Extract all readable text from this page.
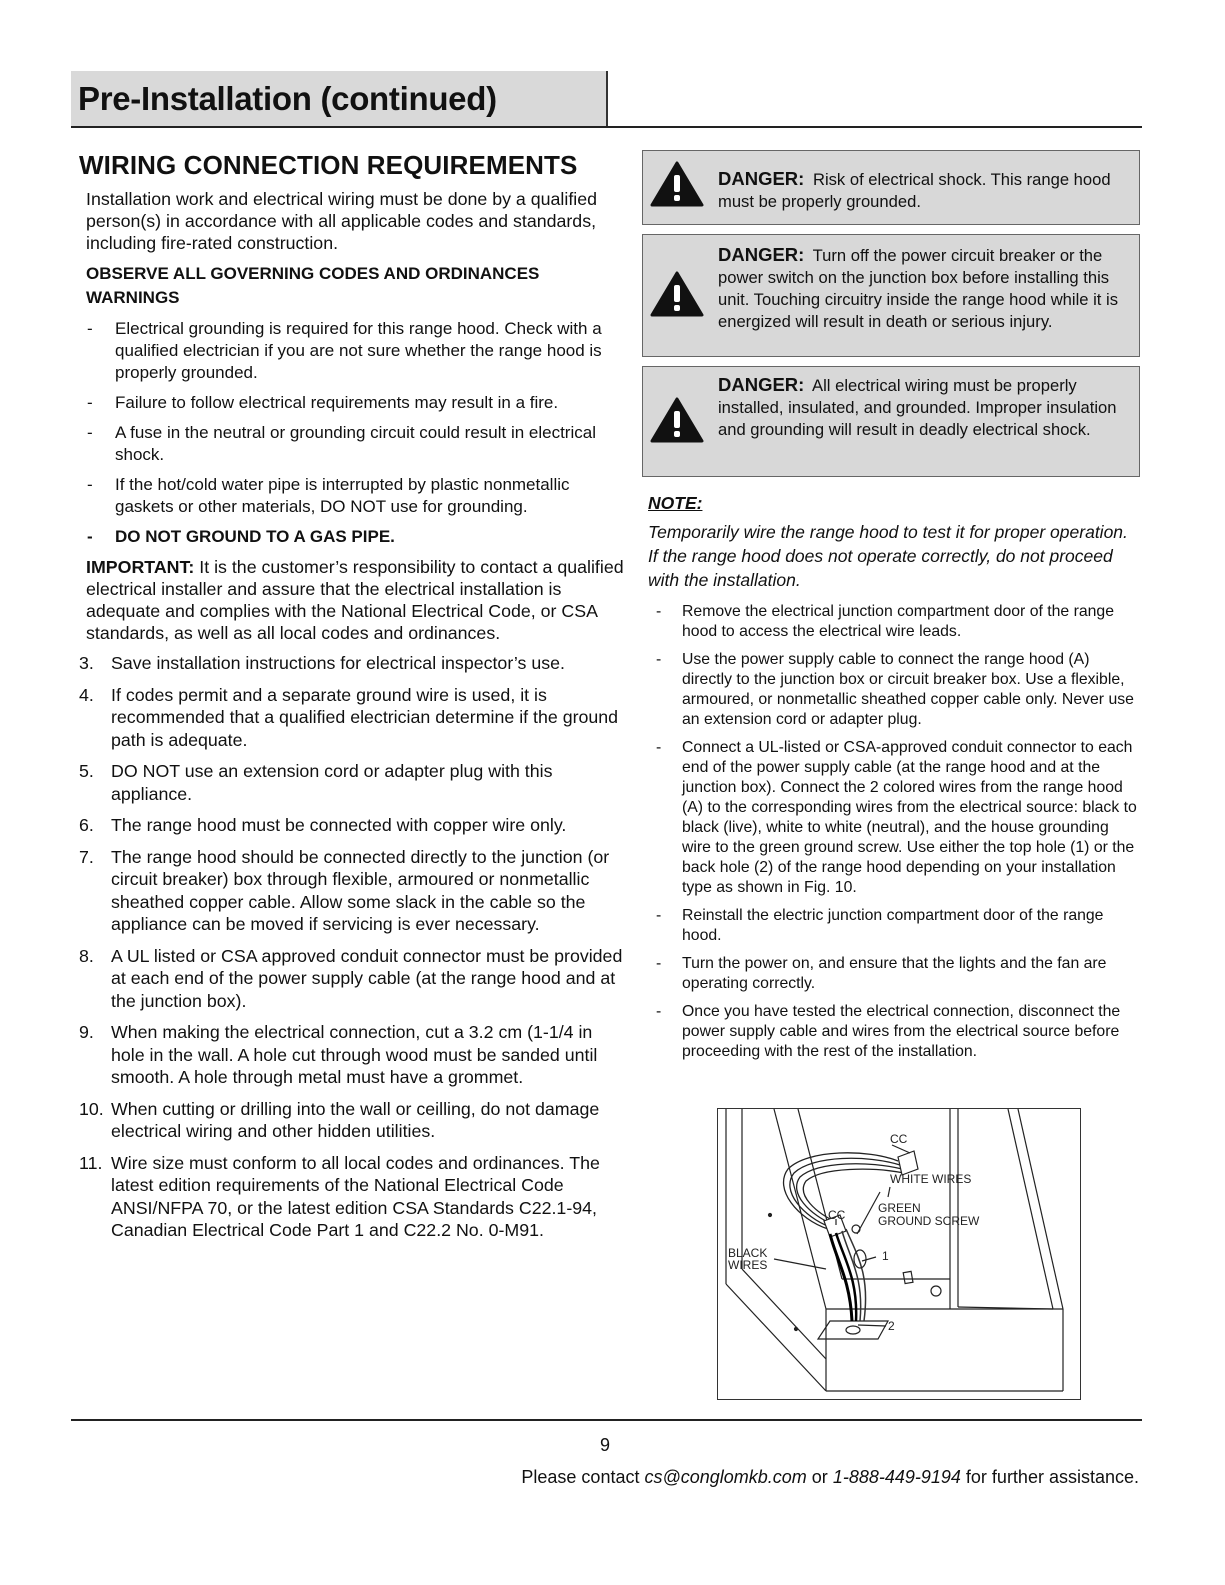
Pre-Installation (continued)
WIRING CONNECTION REQUIREMENTS

Installation work and electrical wiring must be done by a qualified person(s) in accordance with all applicable codes and standards, including fire-rated construction.

OBSERVE ALL GOVERNING CODES AND ORDINANCES WARNINGS

- Electrical grounding is required for this range hood. Check with a qualified electrician if you are not sure whether the range hood is properly grounded.
- Failure to follow electrical requirements may result in a fire.
- A fuse in the neutral or grounding circuit could result in electrical shock.
- If the hot/cold water pipe is interrupted by plastic nonmetallic gaskets or other materials, DO NOT use for grounding.
- DO NOT GROUND TO A GAS PIPE.

IMPORTANT: It is the customer’s responsibility to contact a qualified electrical installer and assure that the electrical installation is adequate and complies with the National Electrical Code, or CSA standards, as well as all local codes and ordinances.

3. Save installation instructions for electrical inspector’s use.
4. If codes permit and a separate ground wire is used, it is recommended that a qualified electrician determine if the ground path is adequate.
5. DO NOT use an extension cord or adapter plug with this appliance.
6. The range hood must be connected with copper wire only.
7. The range hood should be connected directly to the junction (or circuit breaker) box through flexible, armoured or nonmetallic sheathed copper cable. Allow some slack in the cable so the
appliance can be moved if servicing is ever necessary.
8. A UL listed or CSA approved conduit connector must be provided at each end of the power supply cable (at the range hood and at
the junction box).
9. When making the electrical connection, cut a 3.2 cm (1-1/4 in hole in the wall. A hole cut through wood must be sanded until smooth. A hole through metal must have a grommet.
10. When cutting or drilling into the wall or ceilling, do not damage
electrical wiring and other hidden utilities.
11. Wire size must conform to all local codes and ordinances. The latest edition requirements of the National Electrical Code ANSI/NFPA 70, or the latest edition CSA Standards C22.1-94, Canadian Electrical Code Part 1 and C22.2 No. 0-M91.
DANGER: Risk of electrical shock. This range hood must be properly grounded.
DANGER: Turn off the power circuit breaker or the power switch on the junction box before installing this unit. Touching circuitry inside the range hood while it is energized will result in death or serious injury.
DANGER: All electrical wiring must be properly installed, insulated, and grounded. Improper insulation and grounding will result in deadly electrical shock.

NOTE:

Temporarily wire the range hood to test it for proper operation. If the range hood does not operate correctly, do not proceed with the installation.

- Remove the electrical junction compartment door of the range hood to access the electrical wire leads.
- Use the power supply cable to connect the range hood (A) directly to the junction box or circuit breaker box. Use a flexible, armoured, or nonmetallic sheathed copper cable only. Never use an extension cord or adapter plug.
- Connect a UL-listed or CSA-approved conduit connector to each end of the power supply cable (at the range hood and at the junction box). Connect the 2 colored wires from the range hood (A) to the corresponding wires from the electrical source: black to black (live), white to white (neutral), and the house grounding wire to the green ground screw. Use either the top hole (1) or the back hole (2) of the range hood depending on your installation type as shown in Fig. 10.
- Reinstall the electric junction compartment door of the range hood.
- Turn the power on, and ensure that the lights and the fan are operating correctly.
- Once you have tested the electrical connection, disconnect the power supply cable and wires from the electrical source before proceeding with the rest of the installation.
CC
WHITE WIRES
CC	GREEN
GROUND SCREW
BLACK
WIRES
1
2
9
Please contact cs@conglomkb.com or 1-888-449-9194 for further assistance.
